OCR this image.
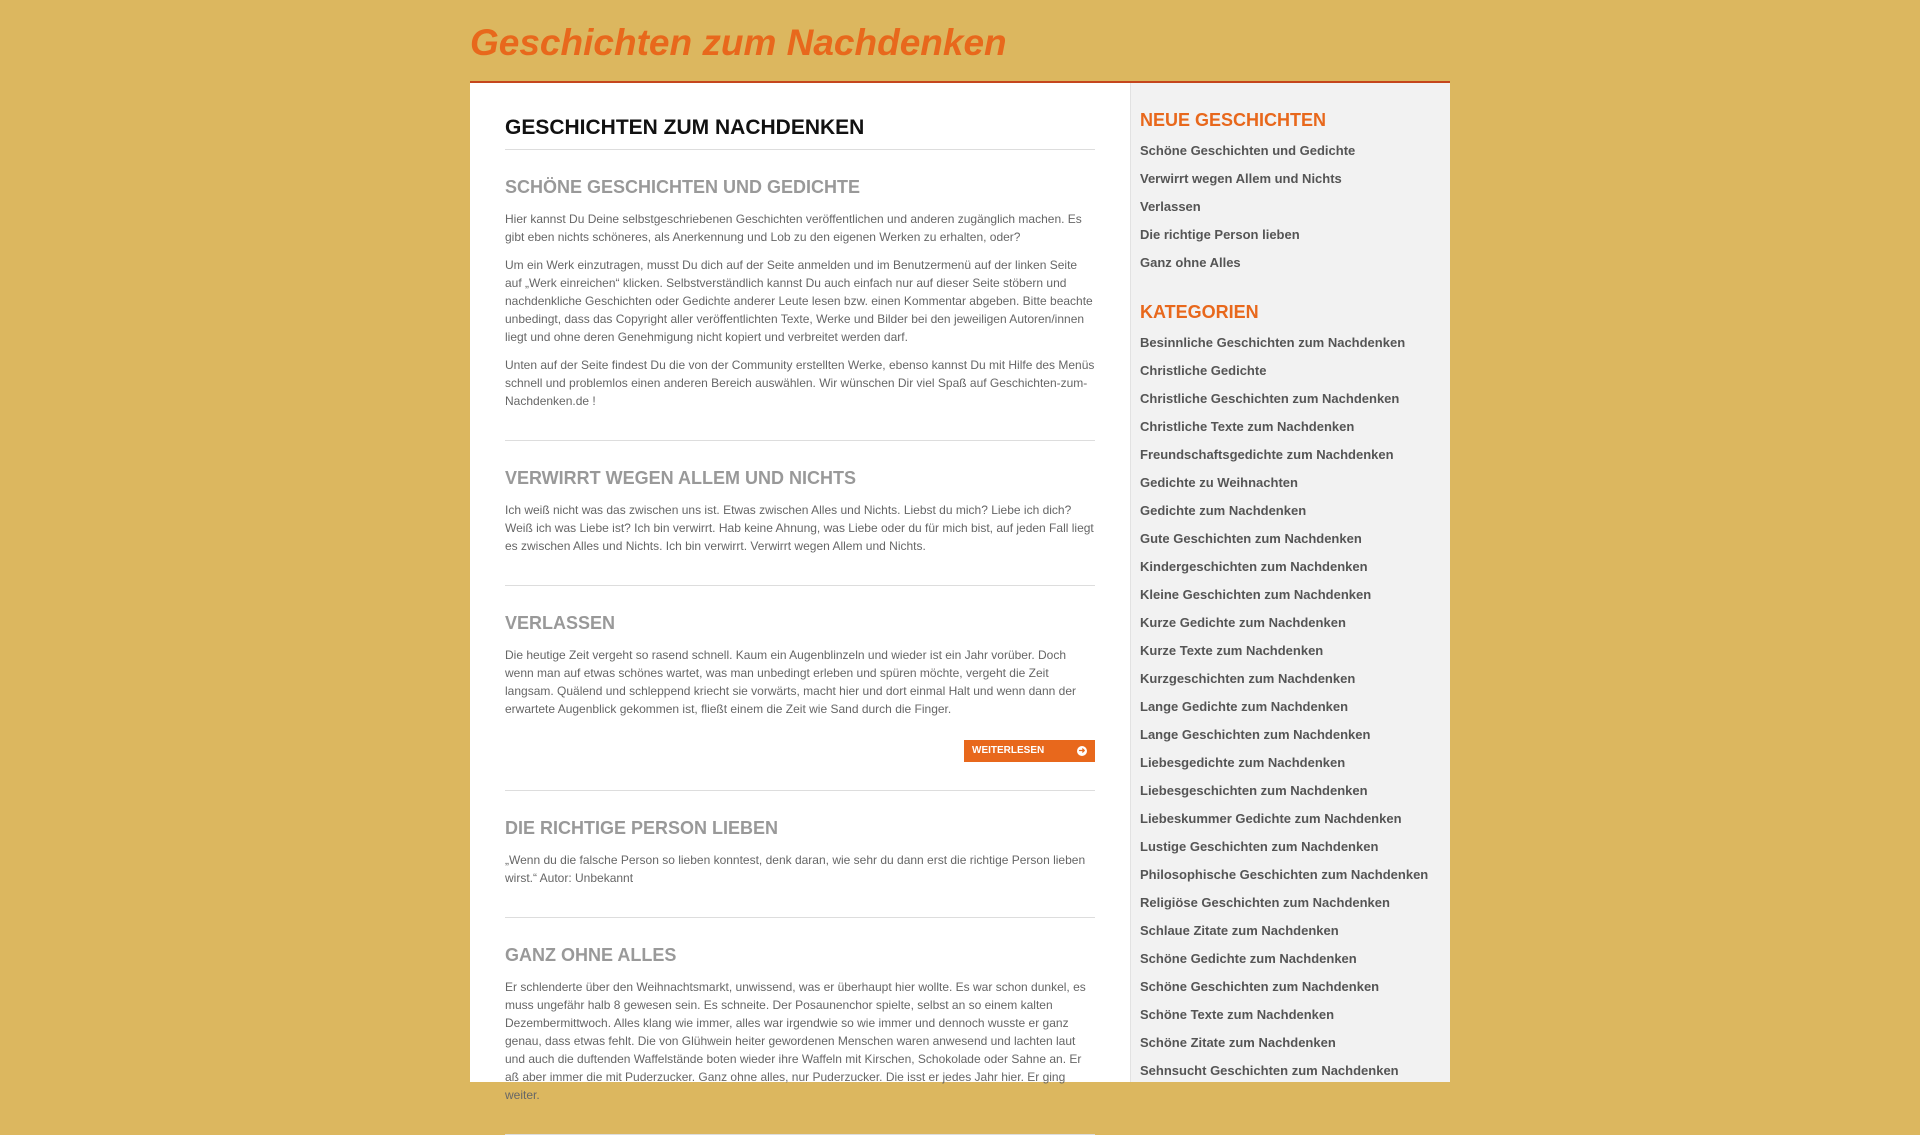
Geschichten zum Nachdenken
GESCHICHTEN ZUM NACHDENKEN
SCHÖNE GESCHICHTEN UND GEDICHTE

Hier kannst Du Deine selbstgeschriebenen Geschichten veröffentlichen und anderen zugänglich machen. Es gibt eben nichts schöneres, als Anerkennung und Lob zu den eigenen Werken zu erhalten, oder?

Um ein Werk einzutragen, musst Du dich auf der Seite anmelden und im Benutzermenü auf der linken Seite auf „Werk einreichen“ klicken. Selbstverständlich kannst Du auch einfach nur auf dieser Seite stöbern und nachdenkliche Geschichten oder Gedichte anderer Leute lesen bzw. einen Kommentar abgeben. Bitte beachte unbedingt, dass das Copyright aller veröffentlichten Texte, Werke und Bilder bei den jeweiligen Autoren/innen liegt und ohne deren Genehmigung nicht kopiert und verbreitet werden darf.

Unten auf der Seite findest Du die von der Community erstellten Werke, ebenso kannst Du mit Hilfe des Menüs schnell und problemlos einen anderen Bereich auswählen. Wir wünschen Dir viel Spaß auf Geschichten-zum-Nachdenken.de !

VERWIRRT WEGEN ALLEM UND NICHTS

Ich weiß nicht was das zwischen uns ist. Etwas zwischen Alles und Nichts. Liebst du mich? Liebe ich dich? Weiß ich was Liebe ist? Ich bin verwirrt. Hab keine Ahnung, was Liebe oder du für mich bist, auf jeden Fall liegt es zwischen Alles und Nichts. Ich bin verwirrt. Verwirrt wegen Allem und Nichts.

VERLASSEN

Die heutige Zeit vergeht so rasend schnell. Kaum ein Augenblinzeln und wieder ist ein Jahr vorüber. Doch wenn man auf etwas schönes wartet, was man unbedingt erleben und spüren möchte, vergeht die Zeit langsam. Quälend und schleppend kriecht sie vorwärts, macht hier und dort einmal Halt und wenn dann der erwartete Augenblick gekommen ist, fließt einem die Zeit wie Sand durch die Finger.

WEITERLESEN	➜
DIE RICHTIGE PERSON LIEBEN

„Wenn du die falsche Person so lieben konntest, denk daran, wie sehr du dann erst die richtige Person lieben wirst.“ Autor: Unbekannt

GANZ OHNE ALLES

Er schlenderte über den Weihnachtsmarkt, unwissend, was er überhaupt hier wollte. Es war schon dunkel, es muss ungefähr halb 8 gewesen sein. Es schneite. Der Posaunenchor spielte, selbst an so einem kalten Dezembermittwoch. Alles klang wie immer, alles war irgendwie so wie immer und dennoch wusste er ganz genau, dass etwas fehlt. Die von Glühwein heiter gewordenen Menschen waren anwesend und lachten laut und auch die duftenden Waffelstände boten wieder ihre Waffeln mit Kirschen, Schokolade oder Sahne an. Er aß aber immer die mit Puderzucker. Ganz ohne alles, nur Puderzucker. Die isst er jedes Jahr hier. Er ging weiter.

NEUE GESCHICHTEN
Schöne Geschichten und Gedichte
Verwirrt wegen Allem und Nichts
Verlassen
Die richtige Person lieben
Ganz ohne Alles
KATEGORIEN
Besinnliche Geschichten zum Nachdenken
Christliche Gedichte
Christliche Geschichten zum Nachdenken
Christliche Texte zum Nachdenken
Freundschaftsgedichte zum Nachdenken
Gedichte zu Weihnachten
Gedichte zum Nachdenken
Gute Geschichten zum Nachdenken
Kindergeschichten zum Nachdenken
Kleine Geschichten zum Nachdenken
Kurze Gedichte zum Nachdenken
Kurze Texte zum Nachdenken
Kurzgeschichten zum Nachdenken
Lange Gedichte zum Nachdenken
Lange Geschichten zum Nachdenken
Liebesgedichte zum Nachdenken
Liebesgeschichten zum Nachdenken
Liebeskummer Gedichte zum Nachdenken
Lustige Geschichten zum Nachdenken
Philosophische Geschichten zum Nachdenken
Religiöse Geschichten zum Nachdenken
Schlaue Zitate zum Nachdenken
Schöne Gedichte zum Nachdenken
Schöne Geschichten zum Nachdenken
Schöne Texte zum Nachdenken
Schöne Zitate zum Nachdenken
Sehnsucht Geschichten zum Nachdenken
